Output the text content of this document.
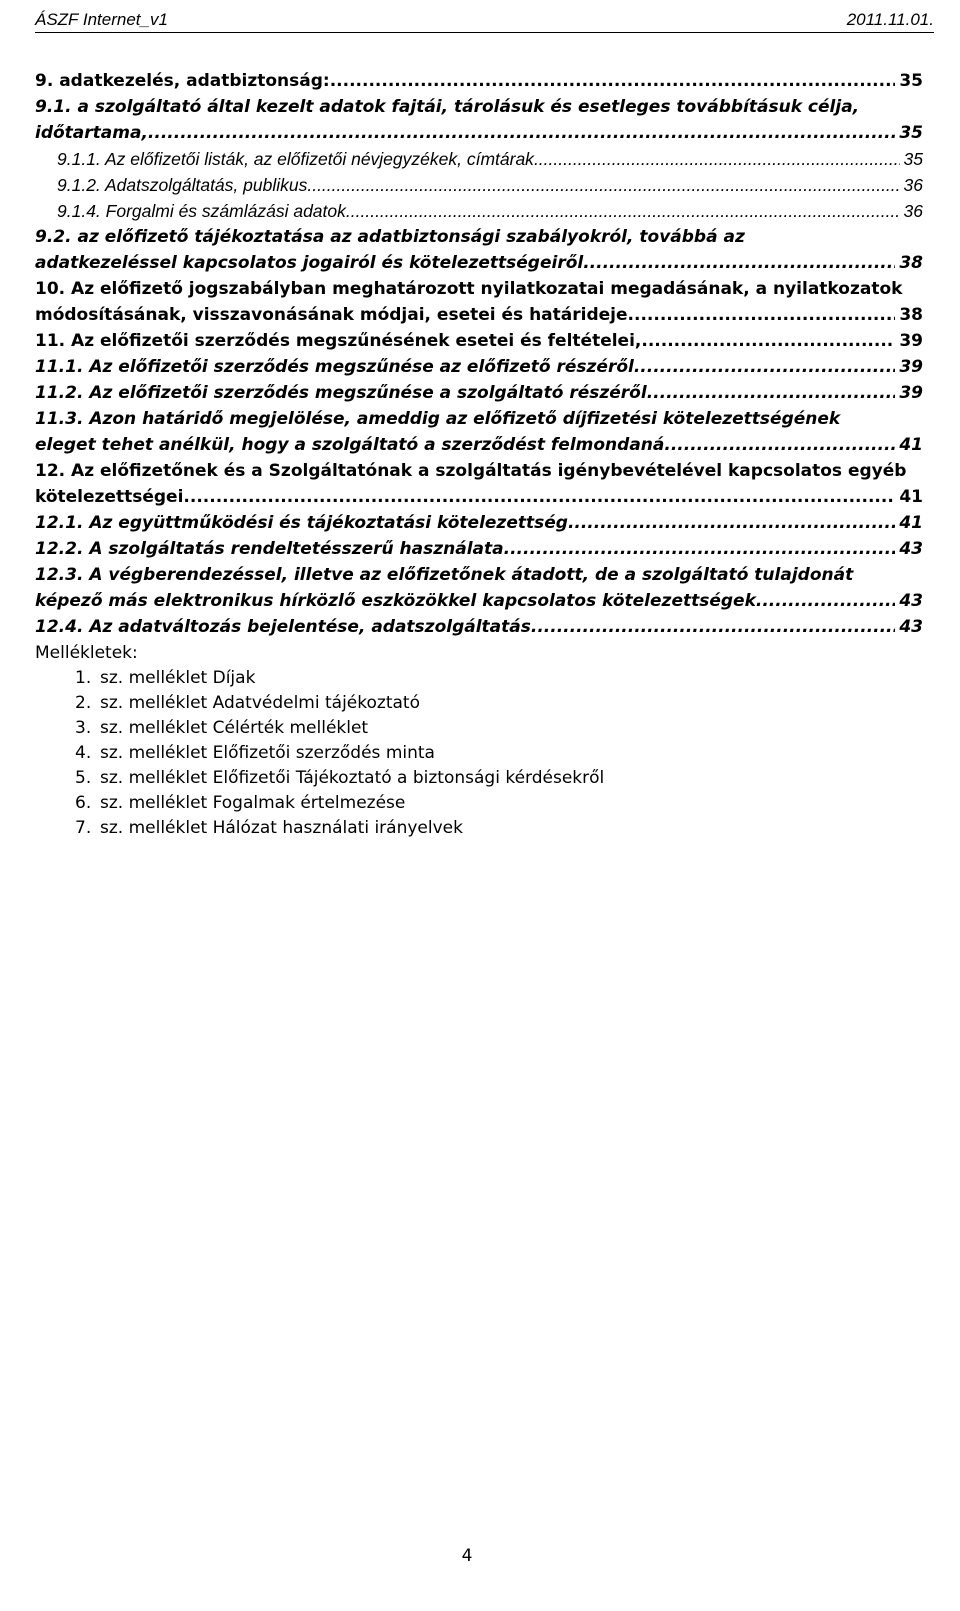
ÁSZF Internet_v1	2011.11.01.
9. adatkezelés, adatbiztonság: .....	35
9.1. a szolgáltató által kezelt adatok fajtái, tárolásuk és esetleges továbbításuk célja,
időtartama, .....	35
9.1.1. Az előfizetői listák, az előfizetői névjegyzékek, címtárak .....	35
9.1.2. Adatszolgáltatás, publikus .....	36
9.1.4. Forgalmi és számlázási adatok .....	36
9.2. az előfizető tájékoztatása az adatbiztonsági szabályokról, továbbá az
adatkezeléssel kapcsolatos jogairól és kötelezettségeiről .....	38
10. Az előfizető jogszabályban meghatározott nyilatkozatai megadásának, a nyilatkozatok
módosításának, visszavonásának módjai, esetei és határideje .....	38
11. Az előfizetői szerződés megszűnésének esetei és feltételei, .....	39
11.1. Az előfizetői szerződés megszűnése az előfizető részéről .....	39
11.2. Az előfizetői szerződés megszűnése a szolgáltató részéről .....	39
11.3. Azon határidő megjelölése, ameddig az előfizető díjfizetési kötelezettségének
eleget tehet anélkül, hogy a szolgáltató a szerződést felmondaná .....	41
12. Az előfizetőnek és a Szolgáltatónak a szolgáltatás igénybevételével kapcsolatos egyéb
kötelezettségei .....	41
12.1. Az együttműködési és tájékoztatási kötelezettség .....	41
12.2. A szolgáltatás rendeltetésszerű használata .....	43
12.3. A végberendezéssel, illetve az előfizetőnek átadott, de a szolgáltató tulajdonát
képező más elektronikus hírközlő eszközökkel kapcsolatos kötelezettségek .....	43
12.4. Az adatváltozás bejelentése, adatszolgáltatás .....	43
Mellékletek:
1. sz. melléklet Díjak
2. sz. melléklet Adatvédelmi tájékoztató
3. sz. melléklet Célérték melléklet
4. sz. melléklet Előfizetői szerződés minta
5. sz. melléklet Előfizetői Tájékoztató a biztonsági kérdésekről
6. sz. melléklet Fogalmak értelmezése
7. sz. melléklet Hálózat használati irányelvek
4
